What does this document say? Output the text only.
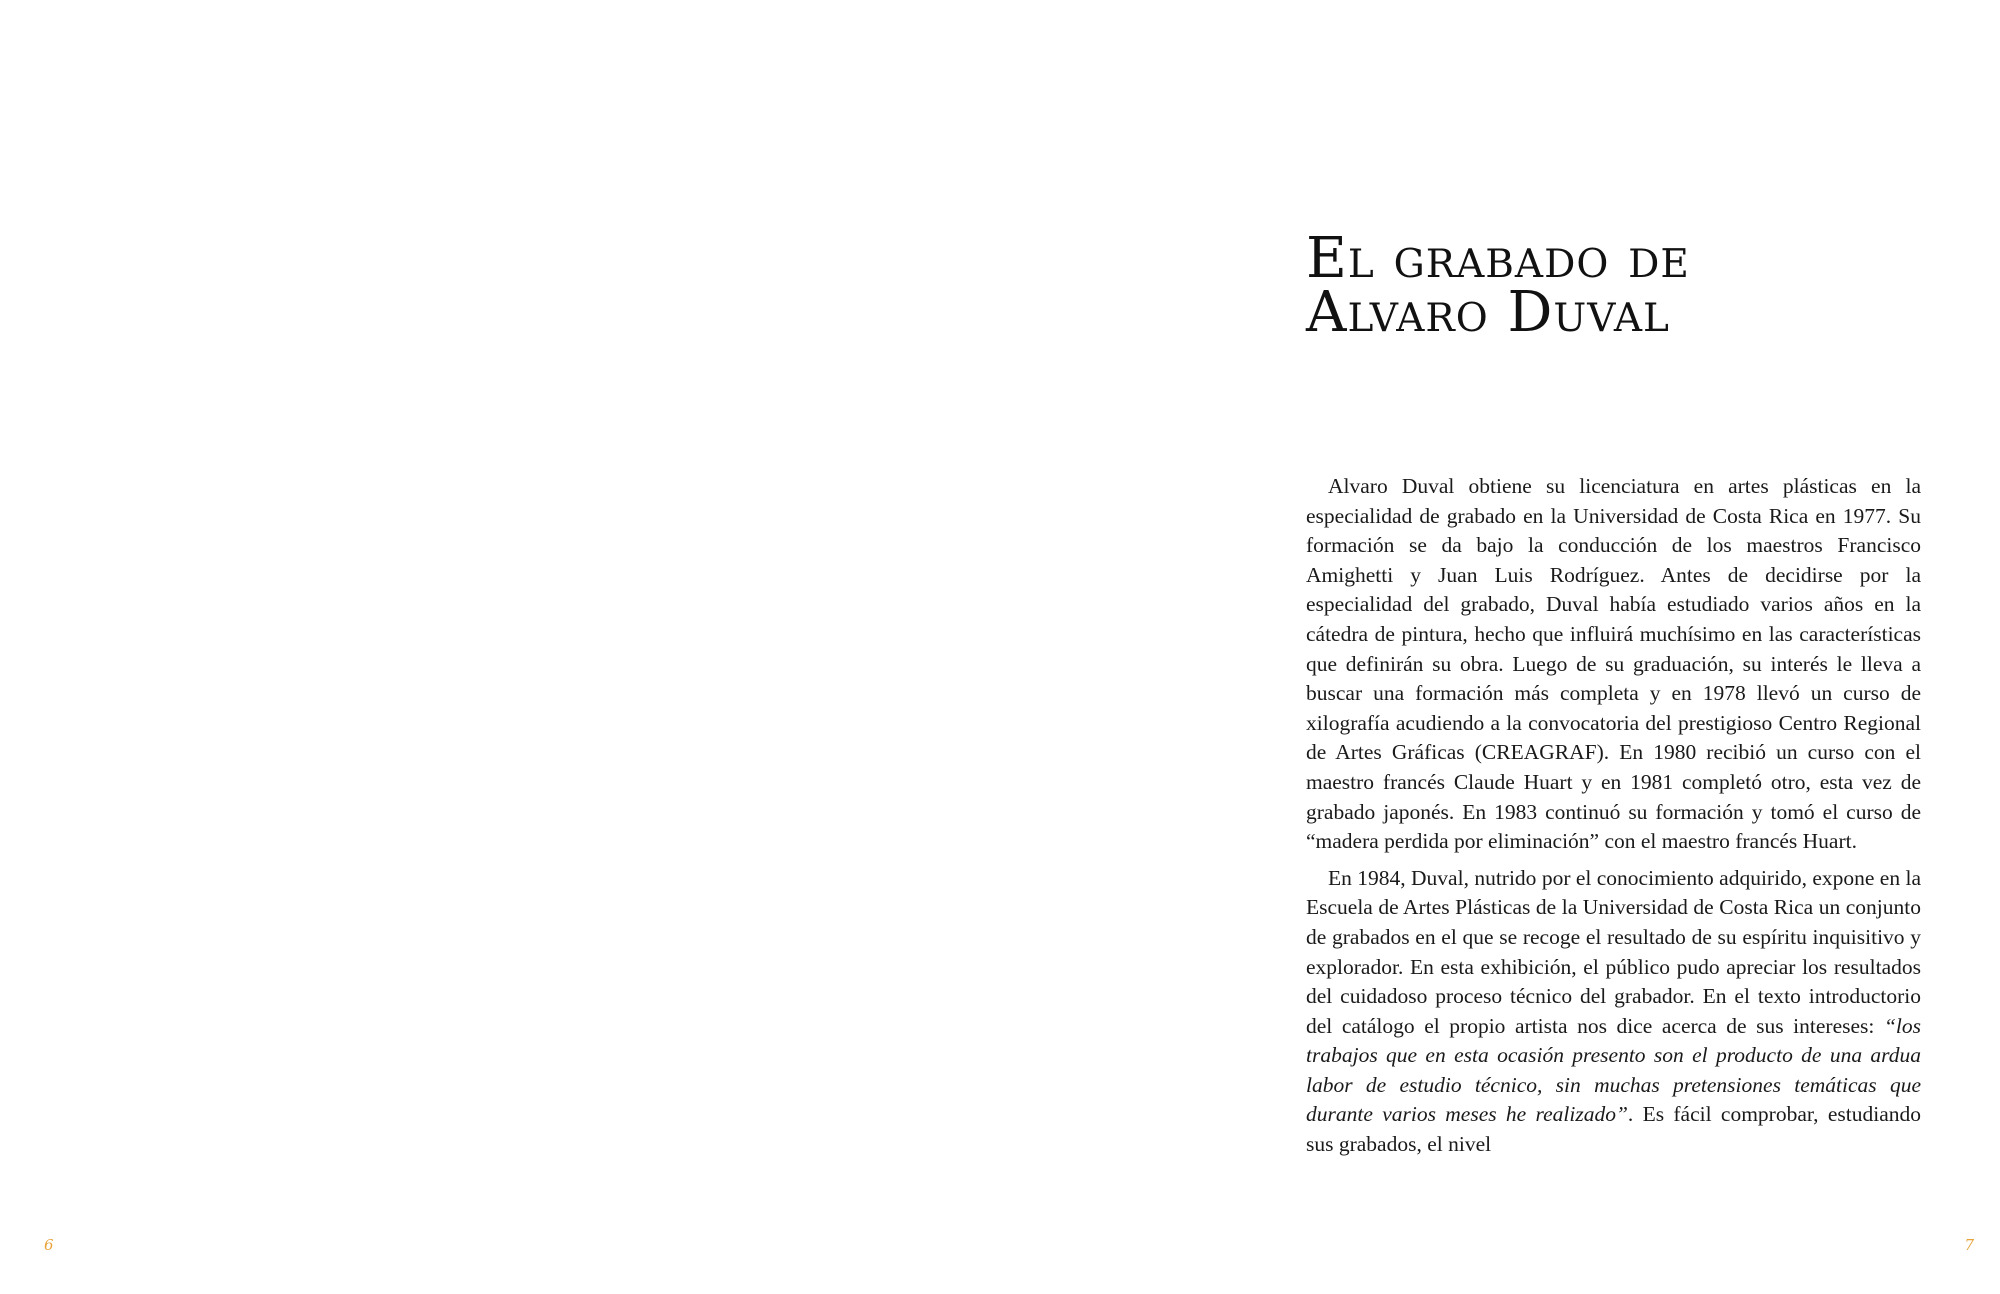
6
El grabado de
Alvaro Duval

Alvaro Duval obtiene su licenciatura en artes plásticas en la especialidad de grabado en la Universidad de Costa Rica en 1977. Su formación se da bajo la conducción de los maestros Francisco Amighetti y Juan Luis Rodríguez. Antes de decidirse por la especialidad del grabado, Duval había estudiado varios años en la cátedra de pintura, hecho que influirá muchísimo en las características que definirán su obra. Luego de su graduación, su interés le lleva a buscar una formación más completa y en 1978 llevó un curso de xilografía acudiendo a la convocatoria del prestigioso Centro Regional de Artes Gráficas (CREAGRAF). En 1980 recibió un curso con el maestro francés Claude Huart y en 1981 completó otro, esta vez de grabado japonés. En 1983 continuó su formación y tomó el curso de “madera perdida por eliminación” con el maestro francés Huart.

En 1984, Duval, nutrido por el conocimiento adquirido, expone en la Escuela de Artes Plásticas de la Universidad de Costa Rica un conjunto de grabados en el que se recoge el resultado de su espíritu inquisitivo y explorador. En esta exhibición, el público pudo apreciar los resultados del cuidadoso proceso técnico del grabador. En el texto introductorio del catálogo el propio artista nos dice acerca de sus intereses: “los trabajos que en esta ocasión presento son el producto de una ardua labor de estudio técnico, sin muchas pretensiones temáticas que durante varios meses he realizado”. Es fácil comprobar, estudiando sus grabados, el nivel

7
